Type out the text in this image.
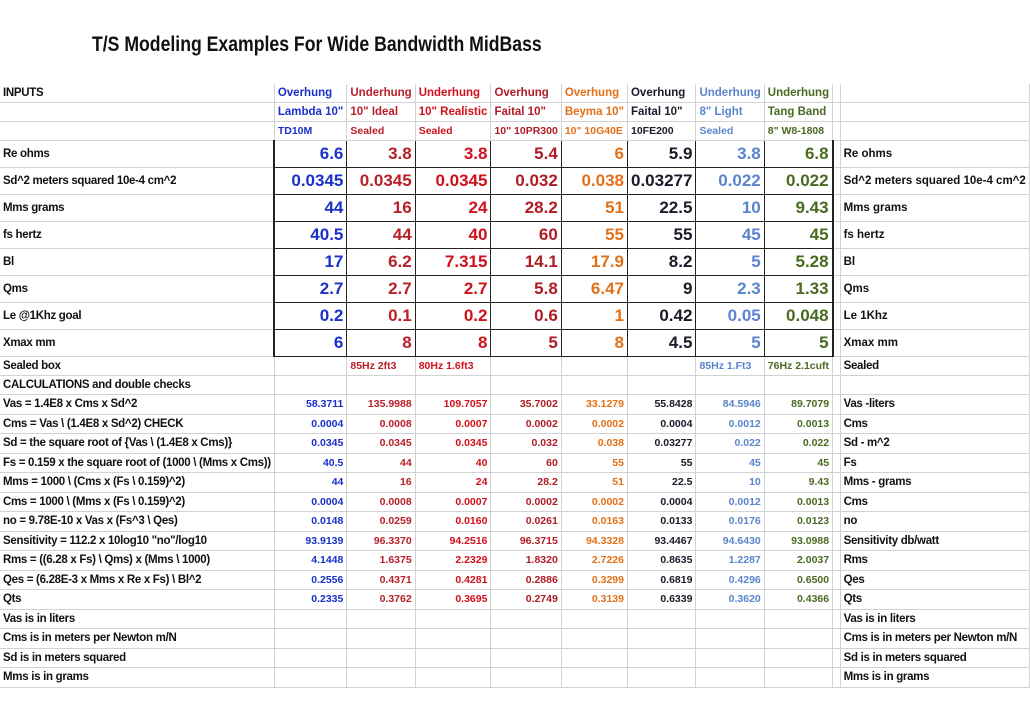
T/S Modeling Examples For Wide Bandwidth MidBass
INPUTS	Overhung	Underhung	Underhung	Overhung	Overhung	Overhung	Underhung	Underhung		
	Lambda 10"	10" Ideal	10" Realistic	Faital 10"	Beyma 10"	Faital 10"	8" Light	Tang Band		
	TD10M	Sealed	Sealed	10" 10PR300	10" 10G40E	10FE200	Sealed	8" W8-1808		
Re ohms	6.6	3.8	3.8	5.4	6	5.9	3.8	6.8		Re ohms
Sd^2 meters squared 10e-4 cm^2	0.0345	0.0345	0.0345	0.032	0.038	0.03277	0.022	0.022		Sd^2 meters squared 10e-4 cm^2
Mms grams	44	16	24	28.2	51	22.5	10	9.43		Mms grams
fs hertz	40.5	44	40	60	55	55	45	45		fs hertz
Bl	17	6.2	7.315	14.1	17.9	8.2	5	5.28		Bl
Qms	2.7	2.7	2.7	5.8	6.47	9	2.3	1.33		Qms
Le @1Khz goal	0.2	0.1	0.2	0.6	1	0.42	0.05	0.048		Le 1Khz
Xmax mm	6	8	8	5	8	4.5	5	5		Xmax mm
Sealed box		85Hz 2ft3	80Hz 1.6ft3				85Hz 1.Ft3	76Hz 2.1cuft		Sealed
CALCULATIONS and double checks										
Vas = 1.4E8 x Cms x Sd^2	58.3711	135.9988	109.7057	35.7002	33.1279	55.8428	84.5946	89.7079		Vas -liters
Cms = Vas \ (1.4E8 x Sd^2) CHECK	0.0004	0.0008	0.0007	0.0002	0.0002	0.0004	0.0012	0.0013		Cms
Sd = the square root of {Vas \ (1.4E8 x Cms)}	0.0345	0.0345	0.0345	0.032	0.038	0.03277	0.022	0.022		Sd - m^2
Fs = 0.159 x the square root of (1000 \ (Mms x Cms))	40.5	44	40	60	55	55	45	45		Fs
Mms = 1000 \ (Cms x (Fs \ 0.159)^2)	44	16	24	28.2	51	22.5	10	9.43		Mms - grams
Cms = 1000 \ (Mms x (Fs \ 0.159)^2)	0.0004	0.0008	0.0007	0.0002	0.0002	0.0004	0.0012	0.0013		Cms
no = 9.78E-10 x Vas x (Fs^3 \ Qes)	0.0148	0.0259	0.0160	0.0261	0.0163	0.0133	0.0176	0.0123		no
Sensitivity = 112.2 x 10log10 "no"/log10	93.9139	96.3370	94.2516	96.3715	94.3328	93.4467	94.6430	93.0988		Sensitivity db/watt
Rms = ((6.28 x Fs) \ Qms) x (Mms \ 1000)	4.1448	1.6375	2.2329	1.8320	2.7226	0.8635	1.2287	2.0037		Rms
Qes = (6.28E-3 x Mms x Re x Fs) \ Bl^2	0.2556	0.4371	0.4281	0.2886	0.3299	0.6819	0.4296	0.6500		Qes
Qts	0.2335	0.3762	0.3695	0.2749	0.3139	0.6339	0.3620	0.4366		Qts
Vas is in liters										Vas is in liters
Cms is in meters per Newton m/N										Cms is in meters per Newton m/N
Sd is in meters squared										Sd is in meters squared
Mms is in grams										Mms is in grams
